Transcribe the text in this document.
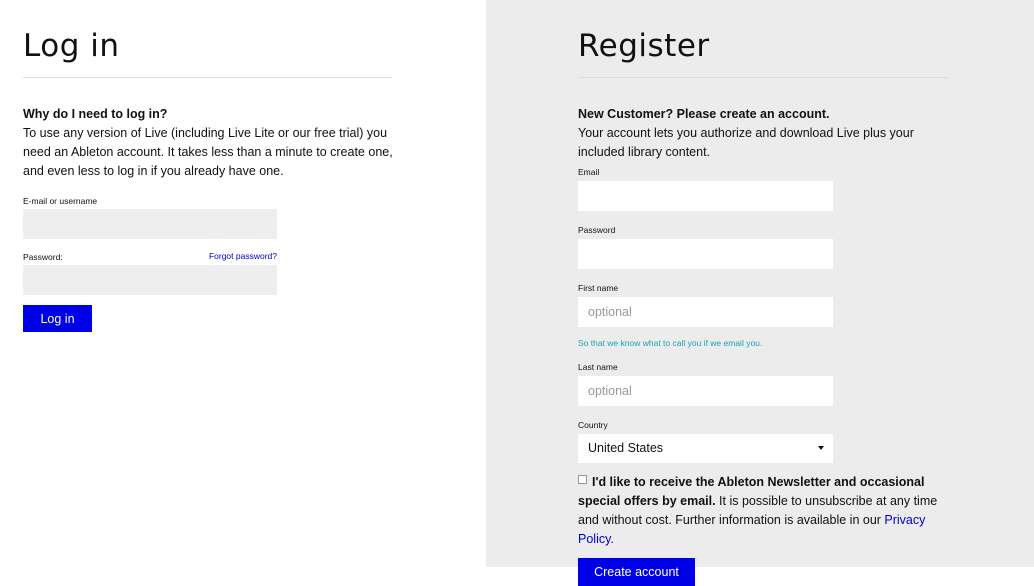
Log in
Why do I need to log in?
To use any version of Live (including Live Lite or our free trial) you need an Ableton account. It takes less than a minute to create one, and even less to log in if you already have one.
E-mail or username
Password:	Forgot password?
Log in
Register
New Customer? Please create an account.
Your account lets you authorize and download Live plus your included library content.
Email
Password
First name
optional
So that we know what to call you if we email you.
Last name
optional
Country
United States
I'd like to receive the Ableton Newsletter and occasional special offers by email. It is possible to unsubscribe at any time and without cost. Further information is available in our Privacy Policy.
Create account
